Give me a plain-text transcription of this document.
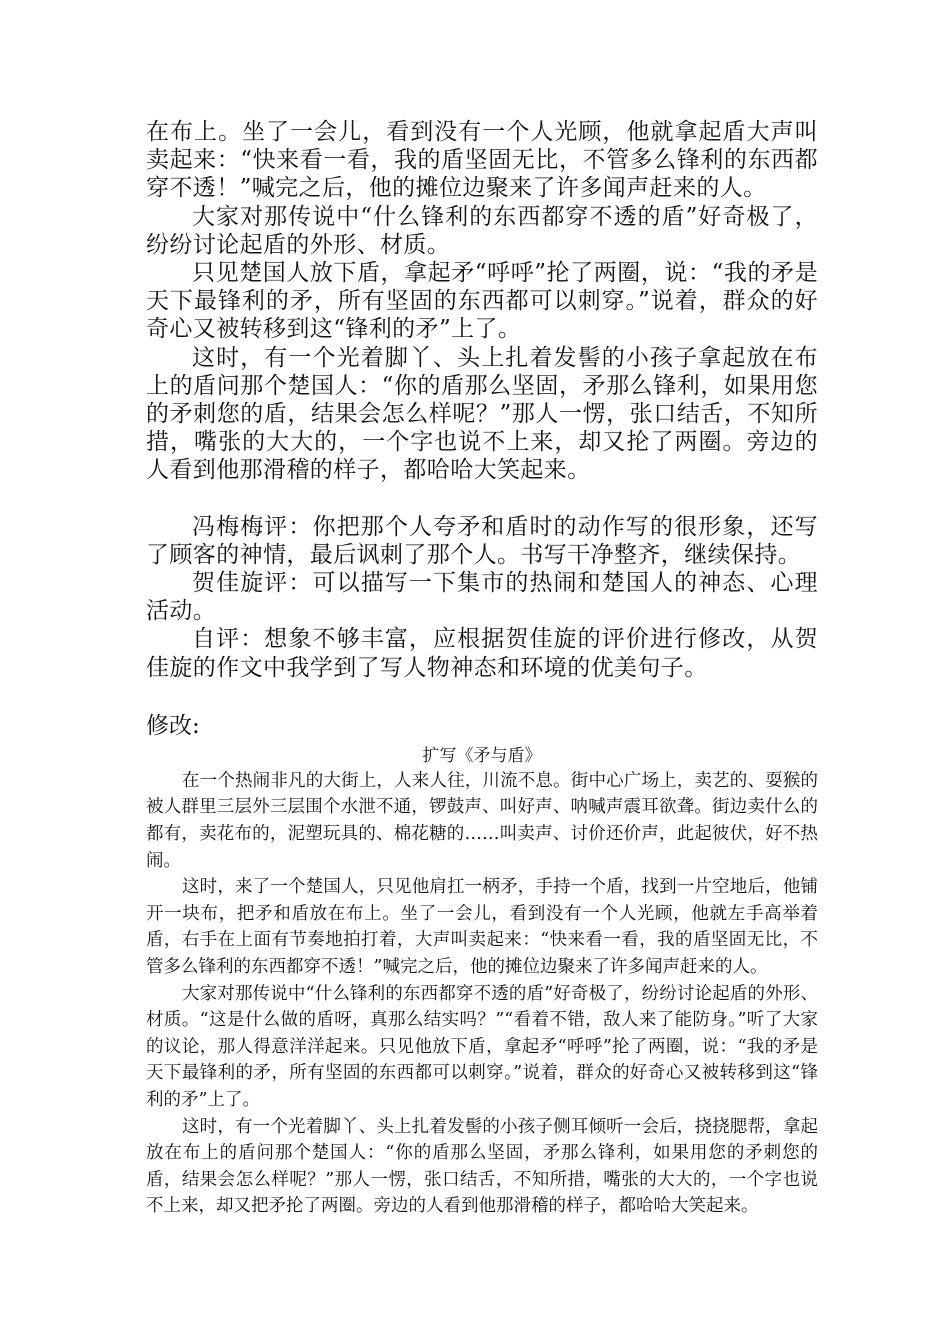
在布上。坐了一会儿，看到没有一个人光顾，他就拿起盾大声叫卖起来：“快来看一看，我的盾坚固无比，不管多么锋利的东西都穿不透！”喊完之后，他的摊位边聚来了许多闻声赶来的人。

大家对那传说中“什么锋利的东西都穿不透的盾”好奇极了，纷纷讨论起盾的外形、材质。

只见楚国人放下盾，拿起矛“呼呼”抡了两圈，说：“我的矛是天下最锋利的矛，所有坚固的东西都可以刺穿。”说着，群众的好奇心又被转移到这“锋利的矛”上了。

这时，有一个光着脚丫、头上扎着发髻的小孩子拿起放在布上的盾问那个楚国人：“你的盾那么坚固，矛那么锋利，如果用您的矛刺您的盾，结果会怎么样呢？”那人一愣，张口结舌，不知所措，嘴张的大大的，一个字也说不上来，却又抡了两圈。旁边的人看到他那滑稽的样子，都哈哈大笑起来。

冯梅梅评：你把那个人夸矛和盾时的动作写的很形象，还写了顾客的神情，最后讽刺了那个人。书写干净整齐，继续保持。

贺佳旋评：可以描写一下集市的热闹和楚国人的神态、心理活动。

自评：想象不够丰富，应根据贺佳旋的评价进行修改，从贺佳旋的作文中我学到了写人物神态和环境的优美句子。

修改:

扩写《矛与盾》

在一个热闹非凡的大街上，人来人往，川流不息。街中心广场上，卖艺的、耍猴的被人群里三层外三层围个水泄不通，锣鼓声、叫好声、呐喊声震耳欲聋。街边卖什么的都有，卖花布的，泥塑玩具的、棉花糖的……叫卖声、讨价还价声，此起彼伏，好不热闹。

这时，来了一个楚国人，只见他肩扛一柄矛，手持一个盾，找到一片空地后，他铺开一块布，把矛和盾放在布上。坐了一会儿，看到没有一个人光顾，他就左手高举着盾，右手在上面有节奏地拍打着，大声叫卖起来：“快来看一看，我的盾坚固无比，不管多么锋利的东西都穿不透！”喊完之后，他的摊位边聚来了许多闻声赶来的人。

大家对那传说中“什么锋利的东西都穿不透的盾”好奇极了，纷纷讨论起盾的外形、材质。“这是什么做的盾呀，真那么结实吗？”“看着不错，敌人来了能防身。”听了大家的议论，那人得意洋洋起来。只见他放下盾，拿起矛“呼呼”抡了两圈，说：“我的矛是天下最锋利的矛，所有坚固的东西都可以刺穿。”说着，群众的好奇心又被转移到这“锋利的矛”上了。

这时，有一个光着脚丫、头上扎着发髻的小孩子侧耳倾听一会后，挠挠腮帮，拿起放在布上的盾问那个楚国人：“你的盾那么坚固，矛那么锋利，如果用您的矛刺您的盾，结果会怎么样呢？”那人一愣，张口结舌，不知所措，嘴张的大大的，一个字也说不上来，却又把矛抡了两圈。旁边的人看到他那滑稽的样子，都哈哈大笑起来。
